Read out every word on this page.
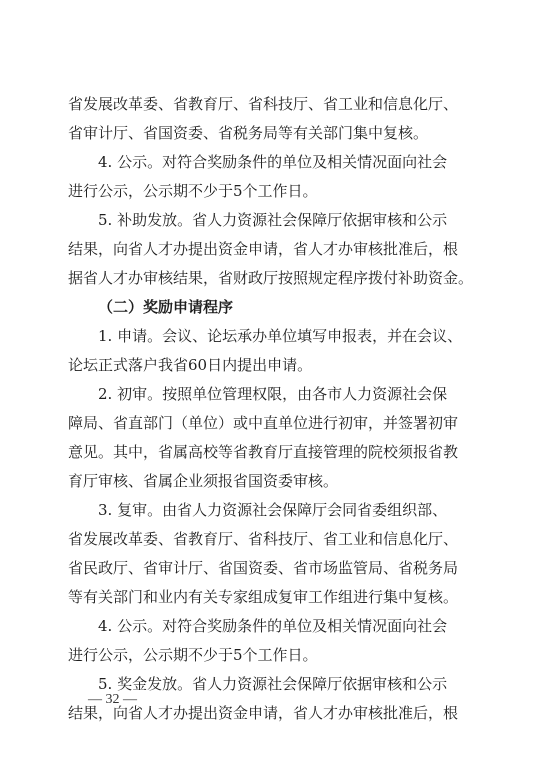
省发展改革委、省教育厅、省科技厅、省工业和信息化厅、
省审计厅、省国资委、省税务局等有关部门集中复核。
4. 公示。对符合奖励条件的单位及相关情况面向社会
进行公示，公示期不少于5个工作日。
5. 补助发放。省人力资源社会保障厅依据审核和公示
结果，向省人才办提出资金申请，省人才办审核批准后，根
据省人才办审核结果，省财政厅按照规定程序拨付补助资金。
（二）奖励申请程序
1. 申请。会议、论坛承办单位填写申报表，并在会议、
论坛正式落户我省60日内提出申请。
2. 初审。按照单位管理权限，由各市人力资源社会保
障局、省直部门（单位）或中直单位进行初审，并签署初审
意见。其中，省属高校等省教育厅直接管理的院校须报省教
育厅审核、省属企业须报省国资委审核。
3. 复审。由省人力资源社会保障厅会同省委组织部、
省发展改革委、省教育厅、省科技厅、省工业和信息化厅、
省民政厅、省审计厅、省国资委、省市场监管局、省税务局
等有关部门和业内有关专家组成复审工作组进行集中复核。
4. 公示。对符合奖励条件的单位及相关情况面向社会
进行公示，公示期不少于5个工作日。
5. 奖金发放。省人力资源社会保障厅依据审核和公示
结果，向省人才办提出资金申请，省人才办审核批准后，根
— 32 —
